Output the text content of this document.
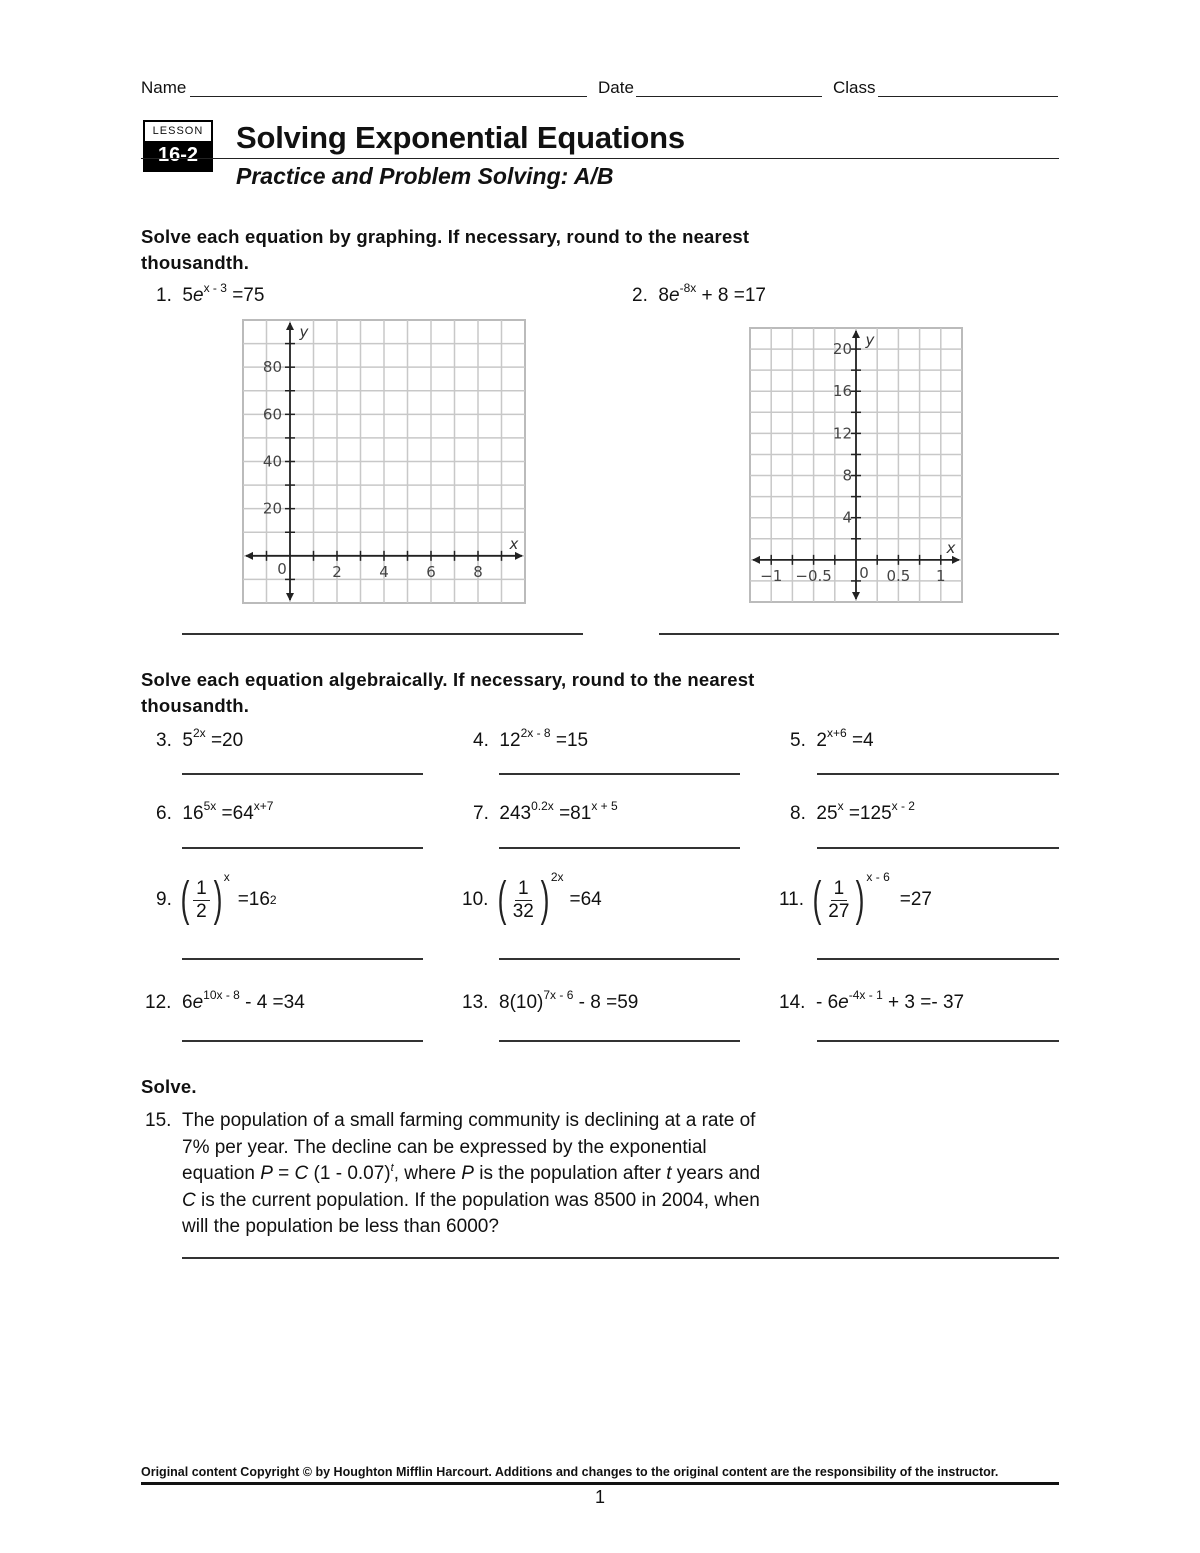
Name	Date	Class
LESSON
16-2	Solving Exponential Equations
Practice and Problem Solving: A/B
Solve each equation by graphing. If necessary, round to the nearest
thousandth.
1. $5e^{x - 3} =75$	2. $8e^{-8x} + 8 =17$
2 4 6 8
20
40
60
80
0
x
y
−1 −0.5	0.5 1
4
8
12
16
20
0
x
y
Solve each equation algebraically. If necessary, round to the nearest
thousandth.
3. $5^{2x} =20$	4. $12^{2x - 8} =15$	5. $2^{x+6} =4$
6. $16^{5x} =64^{x+7}$	7. $243^{0.2x} =81^{x + 5}$	8. $25^x =125^{x - 2}$
9.
( $\frac{1}{2}$ ) x
=16 2	10.
( $\frac{1}{32}$ ) 2x
=64	11.
( $\frac{1}{27}$ ) x - 6
=27
12. $6e^{10x - 8} - 4 =34$	13. $8(10)^{7x - 6} - 8 =59$	14. - $6e^{-4x - 1} + 3 =- 37$
Solve.
15. The population of a small farming community is declining at a rate of
7% per year. The decline can be expressed by the exponential
equation P = C (1 - 0.07)$^t$, where P is the population after t years and
C is the current population. If the population was 8500 in 2004, when
will the population be less than 6000?
Original content Copyright © by Houghton Mifflin Harcourt. Additions and changes to the original content are the responsibility of the instructor.
1
